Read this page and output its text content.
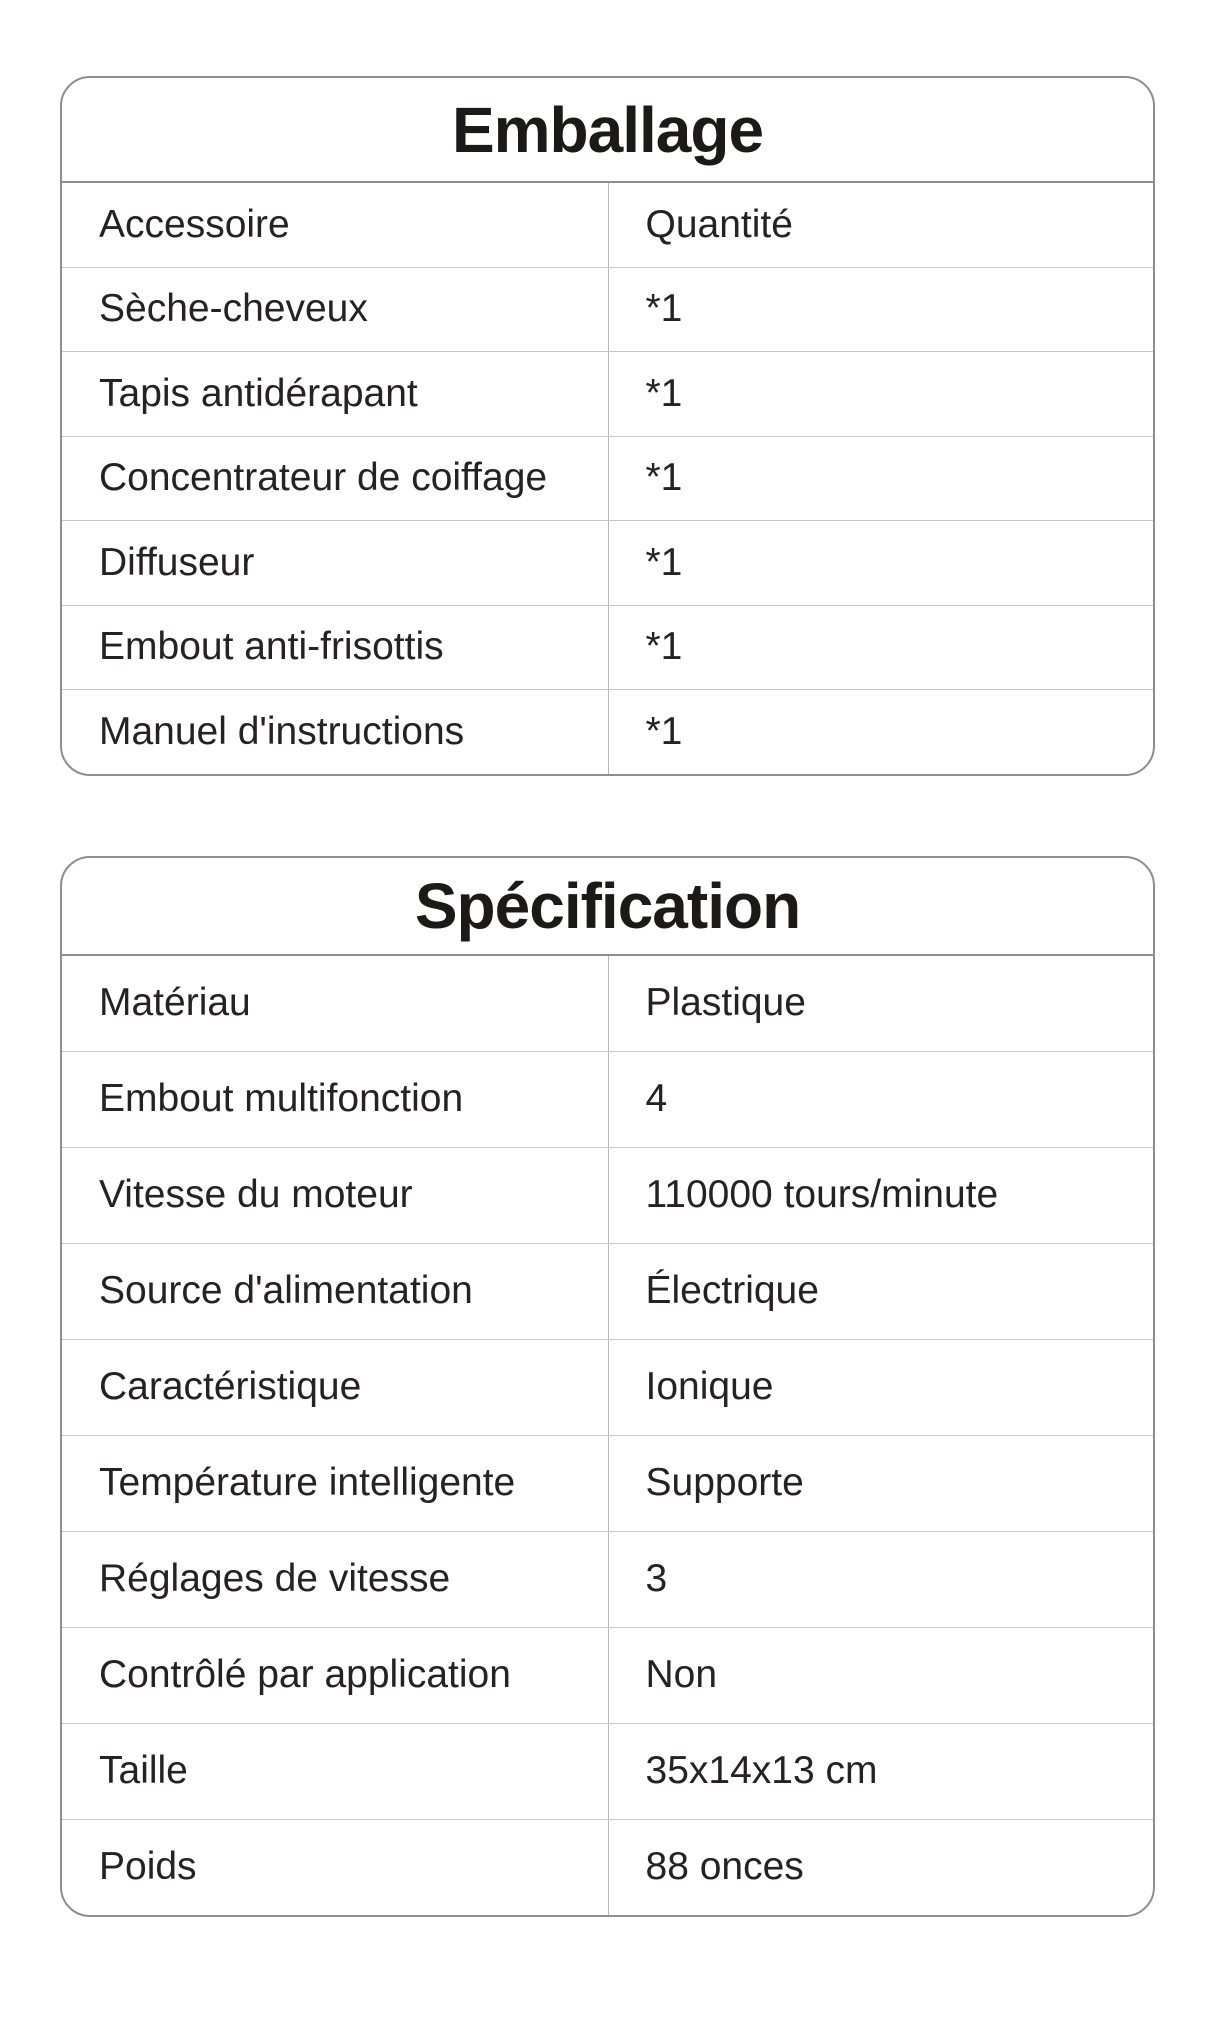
Emballage
Accessoire	Quantité
Sèche-cheveux	*1
Tapis antidérapant	*1
Concentrateur de coiffage	*1
Diffuseur	*1
Embout anti-frisottis	*1
Manuel d'instructions	*1
Spécification
Matériau	Plastique
Embout multifonction	4
Vitesse du moteur	110000 tours/minute
Source d'alimentation	Électrique
Caractéristique	Ionique
Température intelligente	Supporte
Réglages de vitesse	3
Contrôlé par application	Non
Taille	35x14x13 cm
Poids	88 onces
